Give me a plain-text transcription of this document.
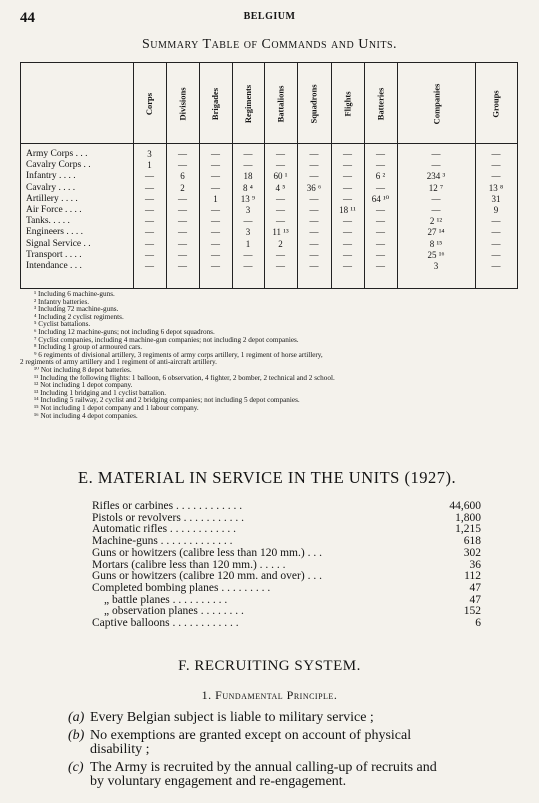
44	BELGIUM
Summary Table of Commands and Units.
Corps	Divisions	Brigades	Regiments	Battalions	Squadrons	Flights	Batteries	Companies	Groups
Army Corps . . .	3	—	—	—	—	—	—	—	—	—
Cavalry Corps . .	1	—	—	—	—	—	—	—	—	—
Infantry . . . .	—	6	—	18	60 ¹	—	—	6 ²	234 ³	—
Cavalry . . . .	—	2	—	8 ⁴	4 ⁵	36 ⁶	—	—	12 ⁷	13 ⁸
Artillery . . . .	—	—	1	13 ⁹	—	—	—	64 ¹⁰	—	31
Air Force . . . .	—	—	—	3	—	—	18 ¹¹	—	—	9
Tanks. . . . .	—	—	—	—	—	—	—	—	2 ¹²	—
Engineers . . . .	—	—	—	3	11 ¹³	—	—	—	27 ¹⁴	—
Signal Service . .	—	—	—	1	2	—	—	—	8 ¹⁵	—
Transport . . . .	—	—	—	—	—	—	—	—	25 ¹⁶	—
Intendance . . .	—	—	—	—	—	—	—	—	3	—
¹ Including 6 machine-guns.
² Infantry batteries.
³ Including 72 machine-guns.
⁴ Including 2 cyclist regiments.
⁵ Cyclist battalions.
⁶ Including 12 machine-guns; not including 6 depot squadrons.
⁷ Cyclist companies, including 4 machine-gun companies; not including 2 depot companies.
⁸ Including 1 group of armoured cars.
⁹ 6 regiments of divisional artillery, 3 regiments of army corps artillery, 1 regiment of horse artillery,
2 regiments of army artillery and 1 regiment of anti-aircraft artillery.
¹⁰ Not including 8 depot batteries.
¹¹ Including the following flights: 1 balloon, 6 observation, 4 fighter, 2 bomber, 2 technical and 2 school.
¹² Not including 1 depot company.
¹³ Including 1 bridging and 1 cyclist battalion.
¹⁴ Including 5 railway, 2 cyclist and 2 bridging companies; not including 5 depot companies.
¹⁵ Not including 1 depot company and 1 labour company.
¹⁶ Not including 4 depot companies.
E. MATERIAL IN SERVICE IN THE UNITS (1927).
Rifles or carbines . . . . . . . . . . . .	44,600
Pistols or revolvers . . . . . . . . . . .	1,800
Automatic rifles . . . . . . . . . . . .	1,215
Machine-guns . . . . . . . . . . . . .	618
Guns or howitzers (calibre less than 120 mm.) . . .	302
Mortars (calibre less than 120 mm.) . . . . .	36
Guns or howitzers (calibre 120 mm. and over) . . .	112
Completed bombing planes . . . . . . . . .	47
„ battle planes . . . . . . . . . .	47
„ observation planes . . . . . . . .	152
Captive balloons . . . . . . . . . . . .	6
F. RECRUITING SYSTEM.
1. Fundamental Principle.
(a) Every Belgian subject is liable to military service ;
(b) No exemptions are granted except on account of physical
disability ;
(c) The Army is recruited by the annual calling-up of recruits and
by voluntary engagement and re-engagement.
